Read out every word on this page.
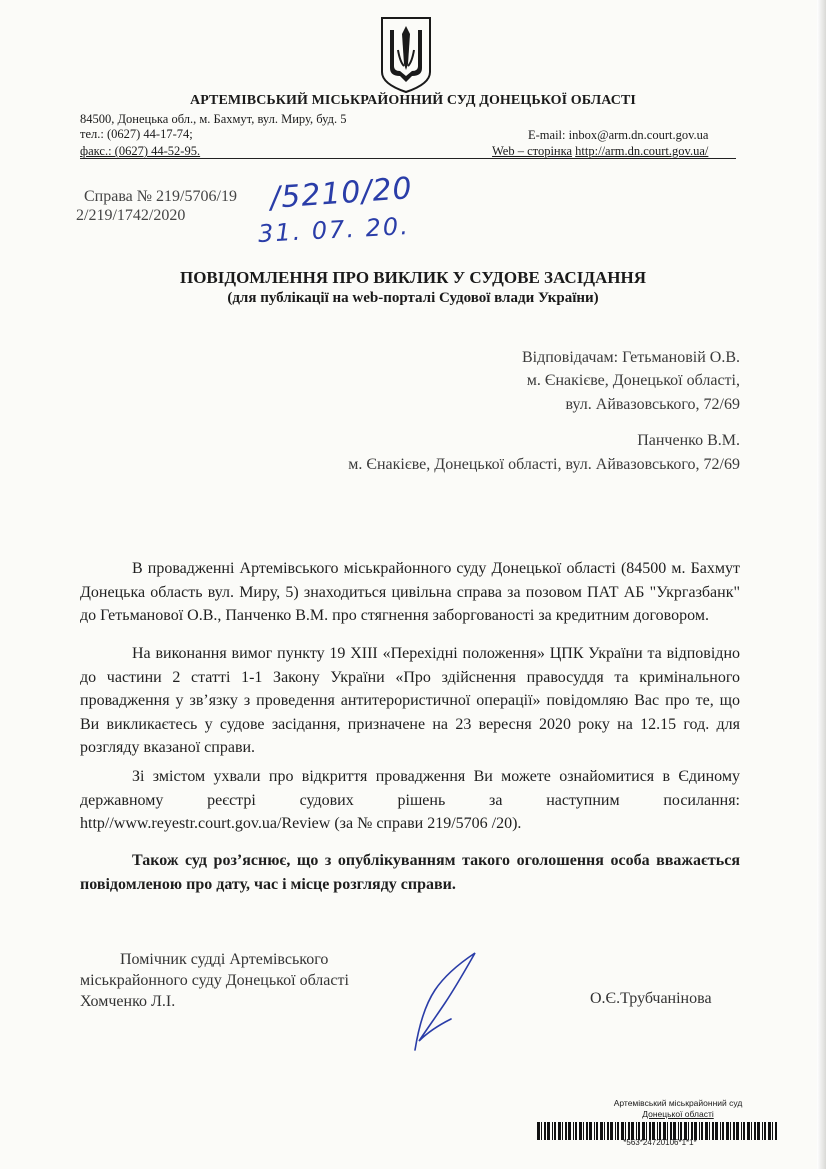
АРТЕМІВСЬКИЙ МІСЬКРАЙОННИЙ СУД ДОНЕЦЬКОЇ ОБЛАСТІ
84500, Донецька обл., м. Бахмут, вул. Миру, буд. 5
тел.: (0627) 44-17-74;
факс.: (0627) 44-52-95.
E-mail: inbox@arm.dn.court.gov.ua
Web – сторінка http://arm.dn.court.gov.ua/
Справа № 219/5706/19
2/219/1742/2020	/5210/20
31. 07. 20.
ПОВІДОМЛЕННЯ ПРО ВИКЛИК У СУДОВЕ ЗАСІДАННЯ
(для публікації на web-порталі Судової влади України)
Відповідачам: Гетьмановій О.В.
м. Єнакієве, Донецької області,
вул. Айвазовського, 72/69
Панченко В.М.
м. Єнакієве, Донецької області, вул. Айвазовського, 72/69
В провадженні Артемівського міськрайонного суду Донецької області (84500 м. Бахмут Донецька область вул. Миру, 5) знаходиться цивільна справа за позовом ПАТ АБ "Укргазбанк" до Гетьманової О.В., Панченко В.М. про стягнення заборгованості за кредитним договором.
На виконання вимог пункту 19 ХІІІ «Перехідні положення» ЦПК України та відповідно до частини 2 статті 1-1 Закону України «Про здійснення правосуддя та кримінального провадження у зв’язку з проведення антитерористичної операції» повідомляю Вас про те, що Ви викликаєтесь у судове засідання, призначене на 23 вересня 2020 року на 12.15 год. для розгляду вказаної справи.
Зі змістом ухвали про відкриття провадження Ви можете ознайомитися в Єдиному державному реєстрі судових рішень за наступним посилання: http//www.reyestr.court.gov.ua/Review (за № справи 219/5706 /20).
Також суд роз’яснює, що з опублікуванням такого оголошення особа вважається повідомленою про дату, час і місце розгляду справи.
Помічник судді Артемівського
міськрайонного суду Донецької області
Хомченко Л.І.	О.Є.Трубчанінова
Артемівський міськрайонний суд
Донецької області
*563*24720106*1*1*
